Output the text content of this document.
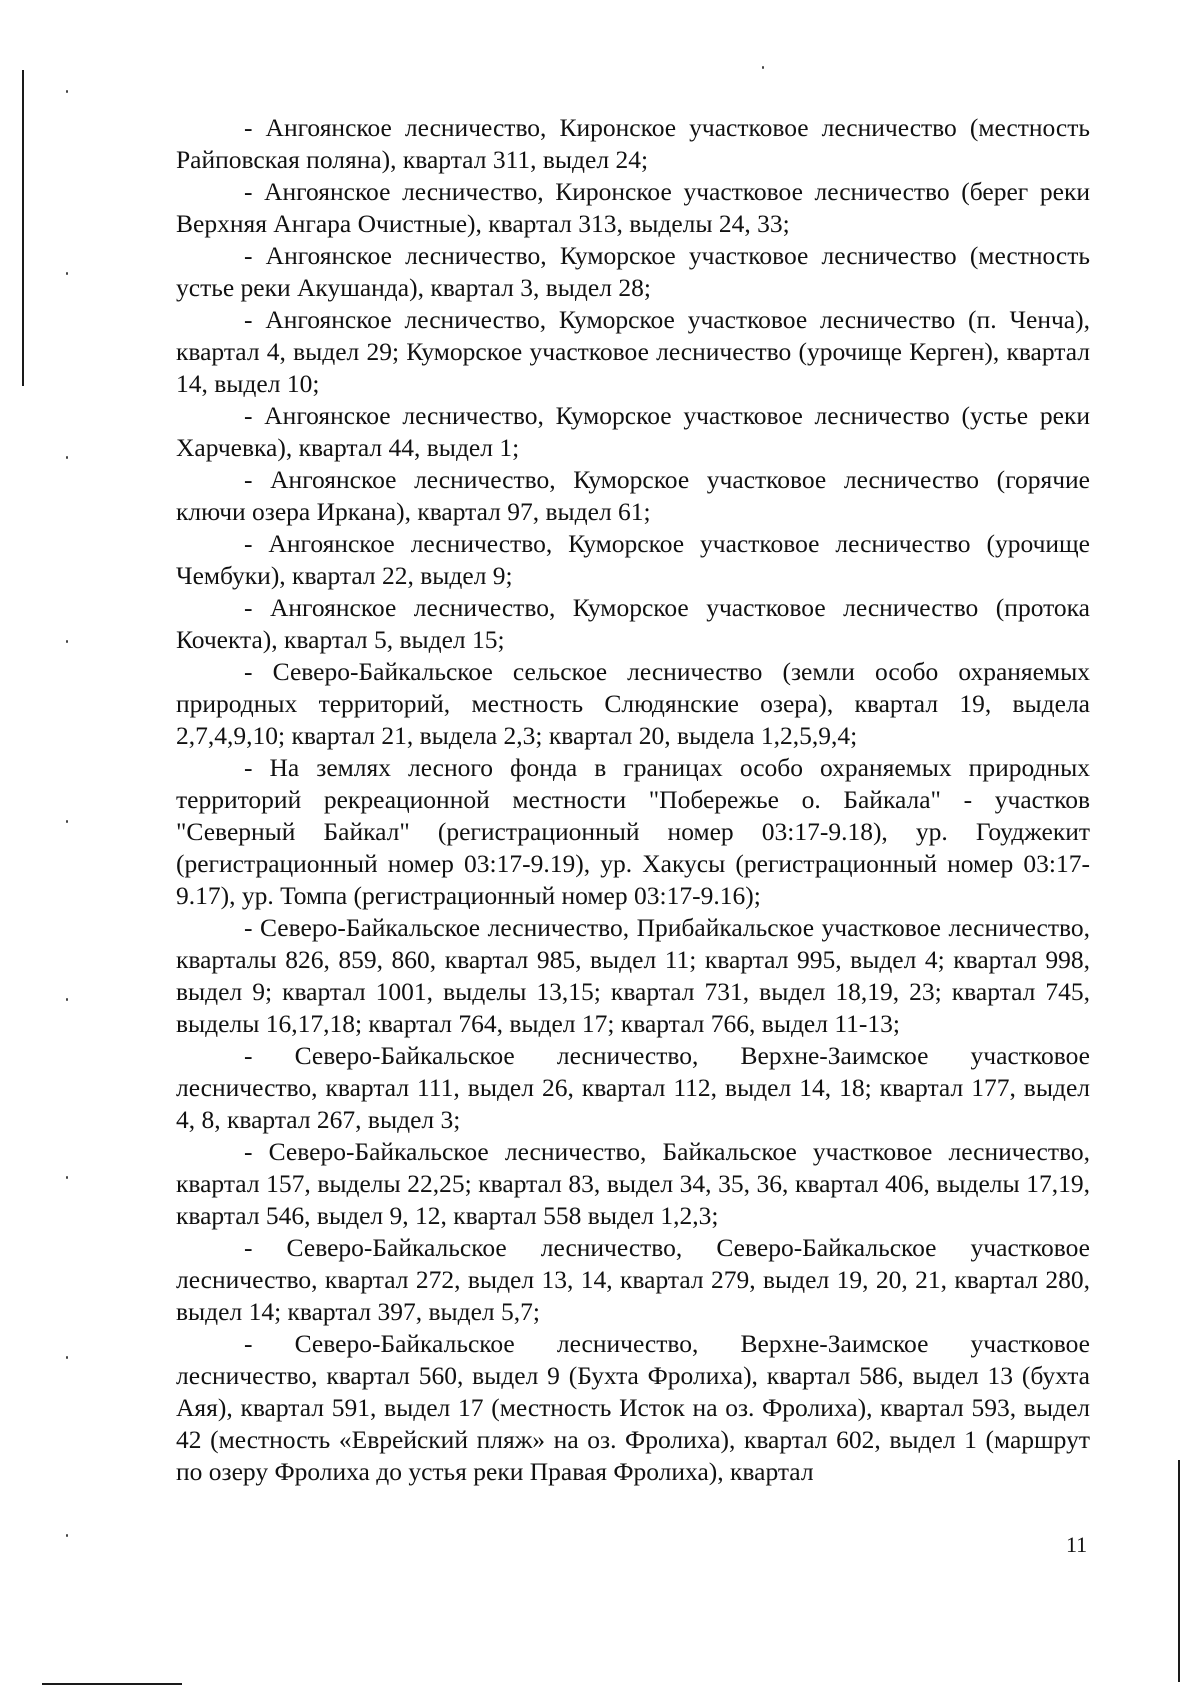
- Ангоянское лесничество, Киронское участковое лесничество (местность Райповская поляна), квартал 311, выдел 24;

- Ангоянское лесничество, Киронское участковое лесничество (берег реки Верхняя Ангара Очистные), квартал 313, выделы 24, 33;

- Ангоянское лесничество, Куморское участковое лесничество (местность устье реки Акушанда), квартал 3, выдел 28;

- Ангоянское лесничество, Куморское участковое лесничество (п. Ченча), квартал 4, выдел 29; Куморское участковое лесничество (урочище Керген), квартал 14, выдел 10;

- Ангоянское лесничество, Куморское участковое лесничество (устье реки Харчевка), квартал 44, выдел 1;

- Ангоянское лесничество, Куморское участковое лесничество (горячие ключи озера Иркана), квартал 97, выдел 61;

- Ангоянское лесничество, Куморское участковое лесничество (урочище Чембуки), квартал 22, выдел 9;

- Ангоянское лесничество, Куморское участковое лесничество (протока Кочекта), квартал 5, выдел 15;

- Северо-Байкальское сельское лесничество (земли особо охраняемых природных территорий, местность Слюдянские озера), квартал 19, выдела 2,7,4,9,10; квартал 21, выдела 2,3; квартал 20, выдела 1,2,5,9,4;

- На землях лесного фонда в границах особо охраняемых природных территорий рекреационной местности "Побережье о. Байкала" - участков "Северный Байкал" (регистрационный номер 03:17-9.18), ур. Гоуджекит (регистрационный номер 03:17-9.19), ур. Хакусы (регистрационный номер 03:17-9.17), ур. Томпа (регистрационный номер 03:17-9.16);

- Северо-Байкальское лесничество, Прибайкальское участковое лесничество, кварталы 826, 859, 860, квартал 985, выдел 11; квартал 995, выдел 4; квартал 998, выдел 9; квартал 1001, выделы 13,15; квартал 731, выдел 18,19, 23; квартал 745, выделы 16,17,18; квартал 764, выдел 17; квартал 766, выдел 11-13;

- Северо-Байкальское лесничество, Верхне-Заимское участковое лесничество, квартал 111, выдел 26, квартал 112, выдел 14, 18; квартал 177, выдел 4, 8, квартал 267, выдел 3;

- Северо-Байкальское лесничество, Байкальское участковое лесничество, квартал 157, выделы 22,25; квартал 83, выдел 34, 35, 36, квартал 406, выделы 17,19, квартал 546, выдел 9, 12, квартал 558 выдел 1,2,3;

- Северо-Байкальское лесничество, Северо-Байкальское участковое лесничество, квартал 272, выдел 13, 14, квартал 279, выдел 19, 20, 21, квартал 280, выдел 14; квартал 397, выдел 5,7;

- Северо-Байкальское лесничество, Верхне-Заимское участковое лесничество, квартал 560, выдел 9 (Бухта Фролиха), квартал 586, выдел 13 (бухта Аяя), квартал 591, выдел 17 (местность Исток на оз. Фролиха), квартал 593, выдел 42 (местность «Еврейский пляж» на оз. Фролиха), квартал 602, выдел 1 (маршрут по озеру Фролиха до устья реки Правая Фролиха), квартал

11
